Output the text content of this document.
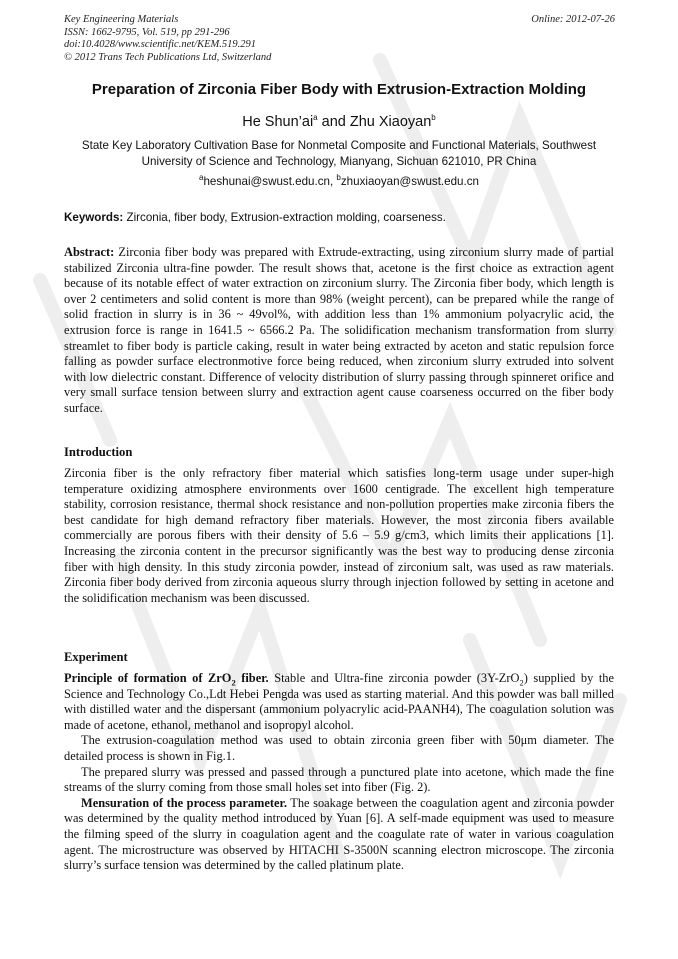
Key Engineering Materials
ISSN: 1662-9795, Vol. 519, pp 291-296
doi:10.4028/www.scientific.net/KEM.519.291
© 2012 Trans Tech Publications Ltd, Switzerland
Online: 2012-07-26
Preparation of Zirconia Fiber Body with Extrusion-Extraction Molding
He $Shun’ai^a$ and Zhu Xiaoyan$^b$
State Key Laboratory Cultivation Base for Nonmetal Composite and Functional Materials, Southwest University of Science and Technology, Mianyang, Sichuan 621010, PR China
$^a$heshunai@swust.edu.cn, $^b$zhuxiaoyan@swust.edu.cn
Keywords: Zirconia, fiber body, Extrusion-extraction molding, coarseness.
Abstract: Zirconia fiber body was prepared with Extrude-extracting, using zirconium slurry made of partial stabilized Zirconia ultra-fine powder. The result shows that, acetone is the first choice as extraction agent because of its notable effect of water extraction on zirconium slurry. The Zirconia fiber body, which length is over 2 centimeters and solid content is more than 98% (weight percent), can be prepared while the range of solid fraction in slurry is in 36 ~ 49vol%, with addition less than 1% ammonium polyacrylic acid, the extrusion force is range in 1641.5 ~ 6566.2 Pa. The solidification mechanism transformation from slurry streamlet to fiber body is particle caking, result in water being extracted by aceton and static repulsion force falling as powder surface electronmotive force being reduced, when zirconium slurry extruded into solvent with low dielectric constant. Difference of velocity distribution of slurry passing through spinneret orifice and very small surface tension between slurry and extraction agent cause coarseness occurred on the fiber body surface.
Introduction
Zirconia fiber is the only refractory fiber material which satisfies long-term usage under super-high temperature oxidizing atmosphere environments over 1600 centigrade. The excellent high temperature stability, corrosion resistance, thermal shock resistance and non-pollution properties make zirconia fibers the best candidate for high demand refractory fiber materials. However, the most zirconia fibers available commercially are porous fibers with their density of 5.6 – 5.9 g/cm3, which limits their applications [1]. Increasing the zirconia content in the precursor significantly was the best way to producing dense zirconia fiber with high density. In this study zirconia powder, instead of zirconium salt, was used as raw materials. Zirconia fiber body derived from zirconia aqueous slurry through injection followed by setting in acetone and the solidification mechanism was been discussed.
Experiment

Principle of formation of ZrO$_2$ fiber. Stable and Ultra-fine zirconia powder (3Y-ZrO$_2$) supplied by the Science and Technology Co.,Ldt Hebei Pengda was used as starting material. And this powder was ball milled with distilled water and the dispersant (ammonium polyacrylic acid-PAANH4), The coagulation solution was made of acetone, ethanol, methanol and isopropyl alcohol.

The extrusion-coagulation method was used to obtain zirconia green fiber with 50μm diameter. The detailed process is shown in Fig.1.

The prepared slurry was pressed and passed through a punctured plate into acetone, which made the fine streams of the slurry coming from those small holes set into fiber (Fig. 2).

Mensuration of the process parameter. The soakage between the coagulation agent and zirconia powder was determined by the quality method introduced by Yuan [6]. A self-made equipment was used to measure the filming speed of the slurry in coagulation agent and the coagulate rate of water in various coagulation agent. The microstructure was observed by HITACHI S-3500N scanning electron microscope. The zirconia slurry’s surface tension was determined by the called platinum plate.
